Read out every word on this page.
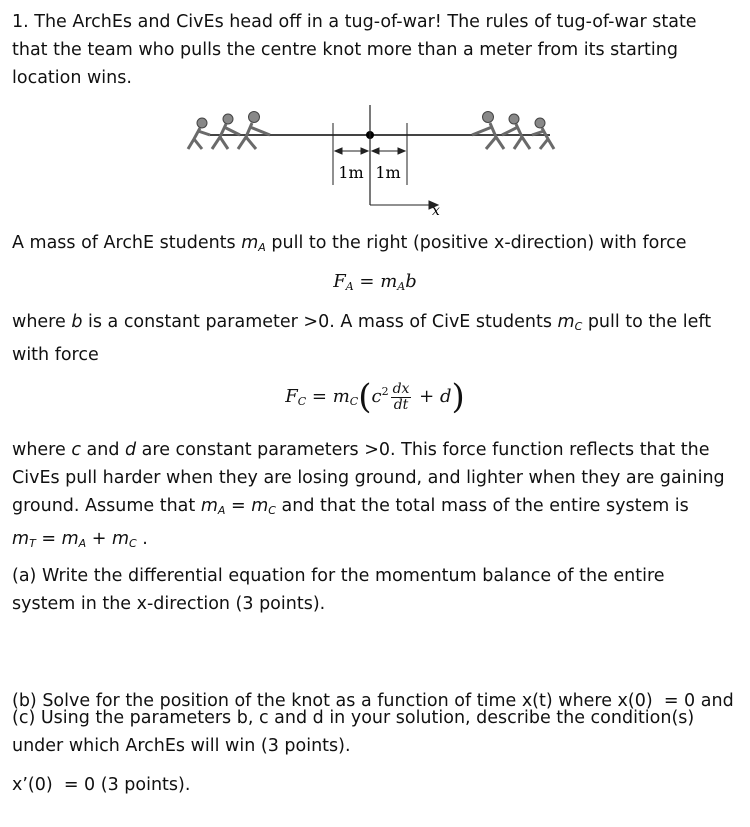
1. The ArchEs and CivEs head off in a tug-of-war! The rules of tug-of-war state
that the team who pulls the centre knot more than a meter from its starting
location wins.
1m 1m
x
A mass of ArchE students $m_A$ pull to the right (positive x-direction) with force
$F_A = m_Ab$
where b is a constant parameter >0. A mass of CivE students $m_C$ pull to the left
with force
$F_C = m_C(c^2 \frac{dx}{dt} + d)$
where c and d are constant parameters >0. This force function reflects that the
CivEs pull harder when they are losing ground, and lighter when they are gaining
ground. Assume that $m_A = m_C$ and that the total mass of the entire system is
$m_T = m_A + m_C$ .
(a) Write the differential equation for the momentum balance of the entire
system in the x-direction (3 points).

(b) Solve for the position of the knot as a function of time x(t) where x(0)  = 0 and

x’(0)  = 0 (3 points).

(c) Using the parameters b, c and d in your solution, describe the condition(s)
under which ArchEs will win (3 points).
